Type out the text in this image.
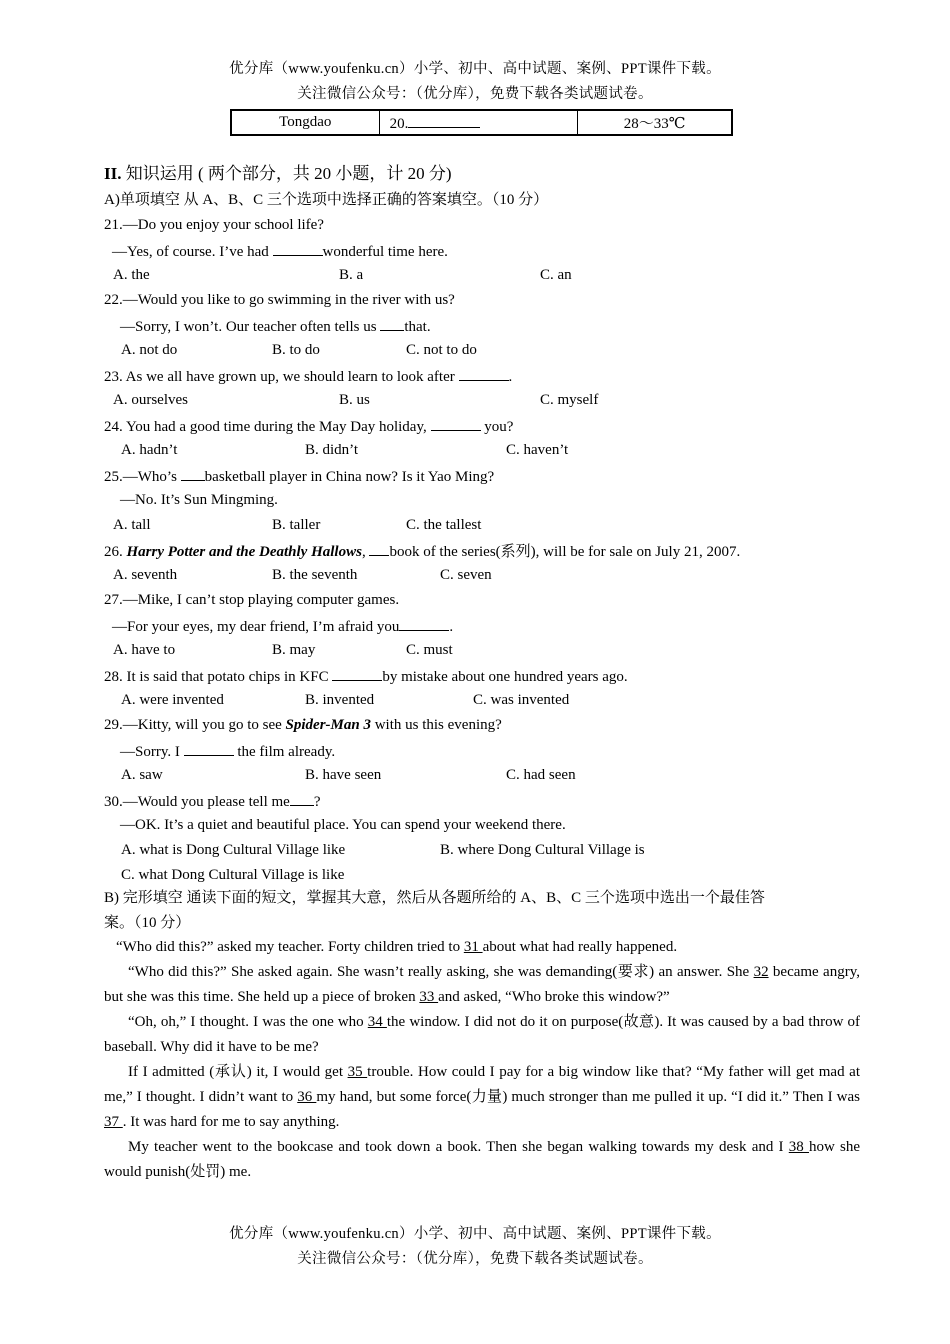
优分库（www.youfenku.cn）小学、初中、高中试题、案例、PPT课件下载。
关注微信公众号：（优分库），免费下载各类试题试卷。
Tongdao	20.	28～33℃
II. 知识运用 ( 两个部分，共 20 小题，计 20 分)
A)单项填空 从 A、B、C 三个选项中选择正确的答案填空。（10 分）
21.—Do you enjoy your school life?
—Yes, of course. I’ve had	wonderful time here.
A. the	B. a	C. an
22.—Would you like to go swimming in the river with us?
—Sorry, I won’t. Our teacher often tells us that.
A. not do	B. to do	C. not to do
23. As we all have grown up, we should learn to look after	.
A. ourselves	B. us	C. myself
24. You had a good time during the May Day holiday,	you?
A. hadn’t	B. didn’t	C. haven’t
25.—Who’s basketball player in China now? Is it Yao Ming?
—No. It’s Sun Mingming.
A. tall	B. taller	C. the tallest
26. Harry Potter and the Deathly Hallows, book of the series(系列), will be for sale on July 21, 2007.
A. seventh	B. the seventh	C. seven
27.—Mike, I can’t stop playing computer games.
—For your eyes, my dear friend, I’m afraid you	.
A. have to	B. may	C. must
28. It is said that potato chips in KFC	by mistake about one hundred years ago.
A. were invented	B. invented	C. was invented
29.—Kitty, will you go to see Spider-Man 3 with us this evening?
—Sorry. I	the film already.
A. saw	B. have seen	C. had seen
30.—Would you please tell me ?
—OK. It’s a quiet and beautiful place. You can spend your weekend there.
A. what is Dong Cultural Village like	B. where Dong Cultural Village is
C. what Dong Cultural Village is like
B) 完形填空 通读下面的短文，掌握其大意，然后从各题所给的 A、B、C 三个选项中选出一个最佳答
案。（10 分）

“Who did this?” asked my teacher. Forty children tried to 31 about what had really happened.

“Who did this?” She asked again. She wasn’t really asking, she was demanding(要求) an answer. She 32 became angry, but she was this time. She held up a piece of broken 33 and asked, “Who broke this window?”

“Oh, oh,” I thought. I was the one who 34 the window. I did not do it on purpose(故意). It was caused by a bad throw of baseball. Why did it have to be me?

If I admitted (承认) it, I would get 35 trouble. How could I pay for a big window like that? “My father will get mad at me,” I thought. I didn’t want to 36 my hand, but some force(力量) much stronger than me pulled it up. “I did it.” Then I was 37 . It was hard for me to say anything.

My teacher went to the bookcase and took down a book. Then she began walking towards my desk and I 38 how she would punish(处罚) me.

优分库（www.youfenku.cn）小学、初中、高中试题、案例、PPT课件下载。
关注微信公众号：（优分库），免费下载各类试题试卷。
